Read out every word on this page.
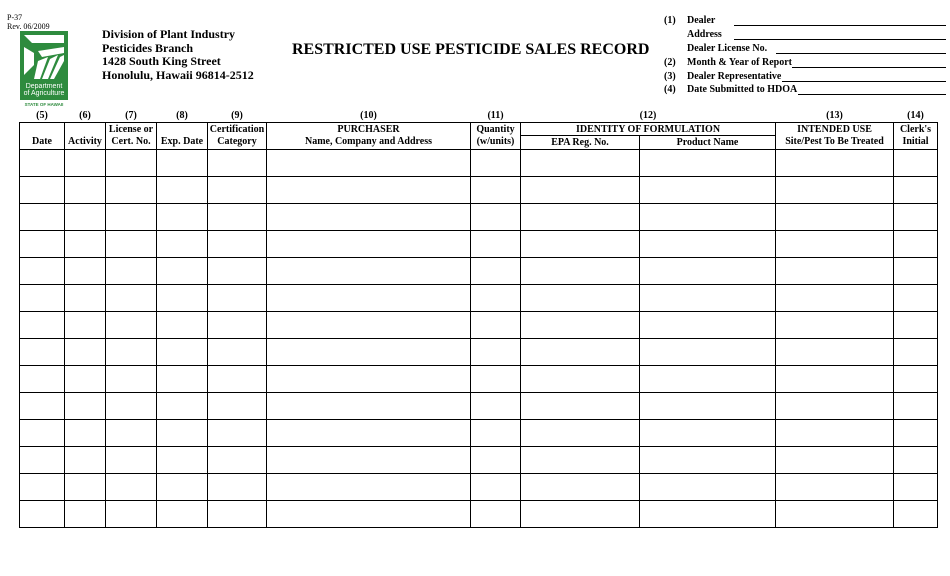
P-37
Rev. 06/2009
Department
of Agriculture
STATE OF HAWAII
Division of Plant Industry
Pesticides Branch
1428 South King Street
Honolulu, Hawaii 96814-2512
RESTRICTED USE PESTICIDE SALES RECORD
(1) Dealer
Address
Dealer License No.
(2) Month & Year of Report
(3) Dealer Representative
(4) Date Submitted to HDOA
(5)	(6)	(7)	(8)	(9)	(10)	(11)	(12)		(13)	(14)
		License or		Certification	PURCHASER	Quantity	IDENTITY OF FORMULATION		INTENDED USE	Clerk's
Date	Activity	Cert. No.	Exp. Date	Category	Name, Company and Address	(w/units)	EPA Reg. No.	Product Name	Site/Pest To Be Treated	Initial
